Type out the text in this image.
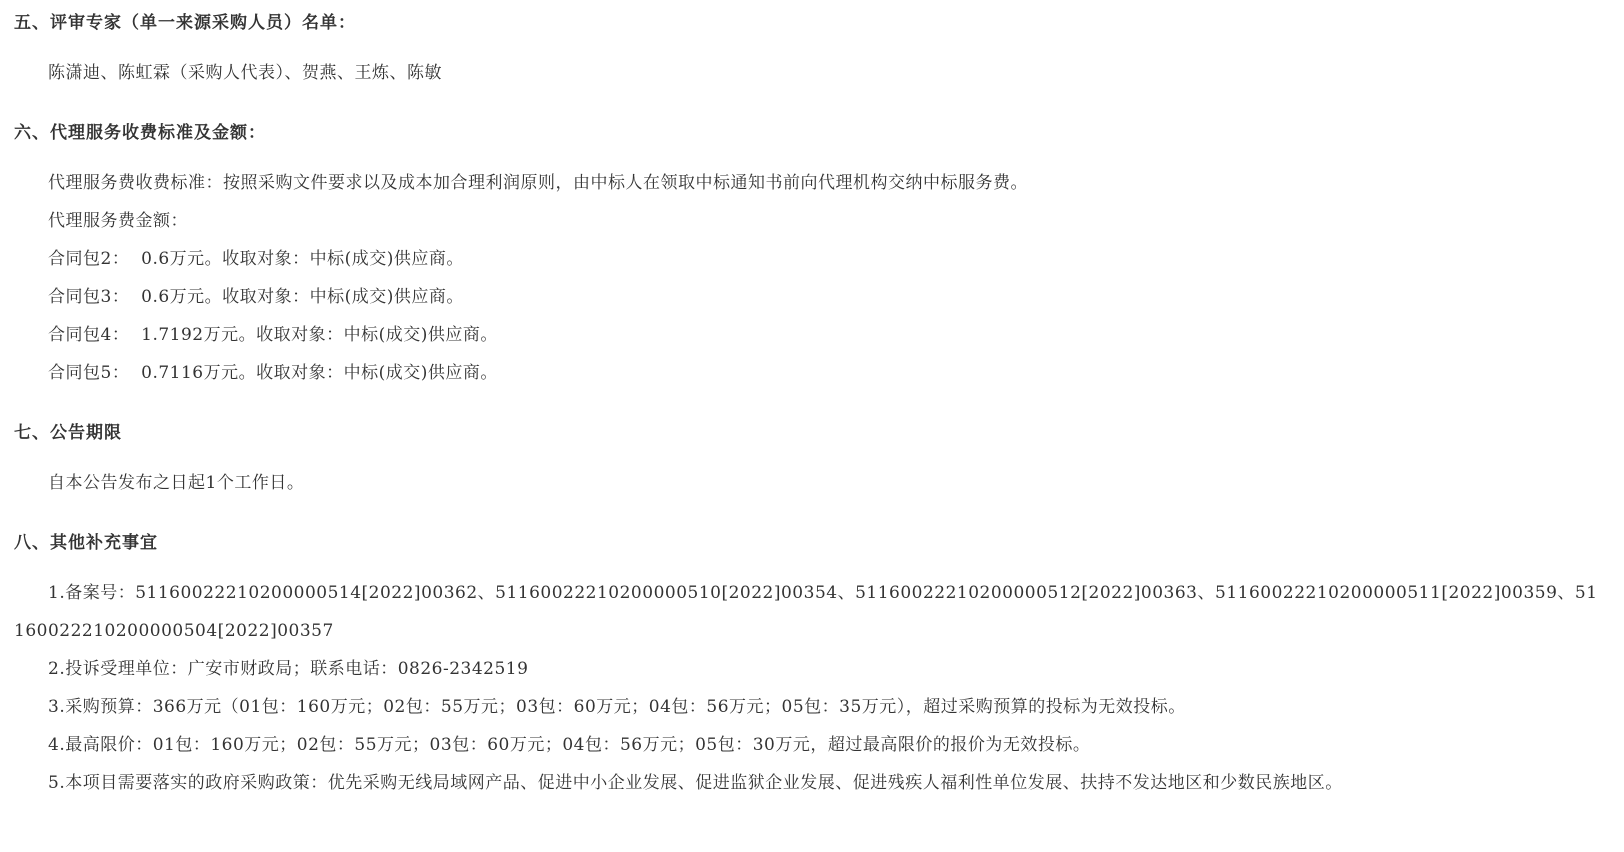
五、评审专家（单一来源采购人员）名单：

陈潇迪、陈虹霖（采购人代表）、贺燕、王炼、陈敏

六、代理服务收费标准及金额：

代理服务费收费标准：按照采购文件要求以及成本加合理利润原则，由中标人在领取中标通知书前向代理机构交纳中标服务费。

代理服务费金额：

合同包2：  0.6万元。收取对象：中标(成交)供应商。

合同包3：  0.6万元。收取对象：中标(成交)供应商。

合同包4：  1.7192万元。收取对象：中标(成交)供应商。

合同包5：  0.7116万元。收取对象：中标(成交)供应商。

七、公告期限

自本公告发布之日起1个工作日。

八、其他补充事宜

1.备案号：51160022210200000514[2022]00362、51160022210200000510[2022]00354、51160022210200000512[2022]00363、51160022210200000511[2022]00359、51160022210200000504[2022]00357

2.投诉受理单位：广安市财政局；联系电话：0826-2342519

3.采购预算：366万元（01包：160万元；02包：55万元；03包：60万元；04包：56万元；05包：35万元），超过采购预算的投标为无效投标。

4.最高限价：01包：160万元；02包：55万元；03包：60万元；04包：56万元；05包：30万元，超过最高限价的报价为无效投标。

5.本项目需要落实的政府采购政策：优先采购无线局域网产品、促进中小企业发展、促进监狱企业发展、促进残疾人福利性单位发展、扶持不发达地区和少数民族地区。
